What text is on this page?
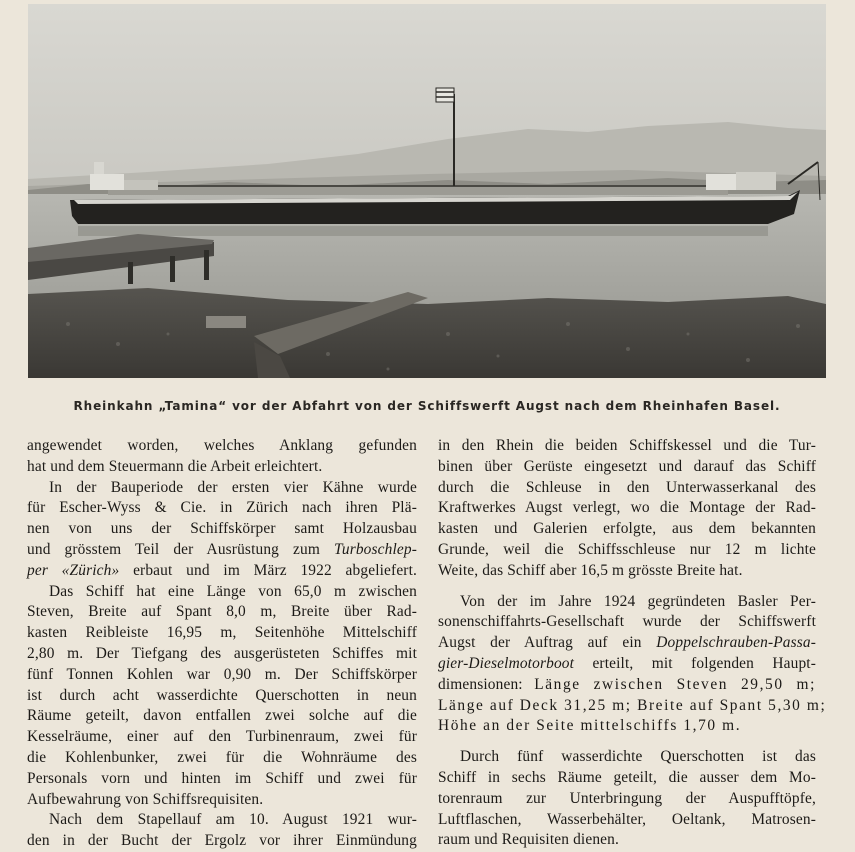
Rheinkahn „Tamina“ vor der Abfahrt von der Schiffswerft Augst nach dem Rheinhafen Basel.
angewendet worden, welches Anklang gefunden
hat und dem Steuermann die Arbeit erleichtert.
In der Bauperiode der ersten vier Kähne wurde
für Escher-Wyss & Cie. in Zürich nach ihren Plä-
nen von uns der Schiffskörper samt Holzausbau
und grösstem Teil der Ausrüstung zum Turboschlep-
per «Zürich» erbaut und im März 1922 abgeliefert.
Das Schiff hat eine Länge von 65,0 m zwischen
Steven, Breite auf Spant 8,0 m, Breite über Rad-
kasten Reibleiste 16,95 m, Seitenhöhe Mittelschiff
2,80 m. Der Tiefgang des ausgerüsteten Schiffes mit
fünf Tonnen Kohlen war 0,90 m. Der Schiffskörper
ist durch acht wasserdichte Querschotten in neun
Räume geteilt, davon entfallen zwei solche auf die
Kesselräume, einer auf den Turbinenraum, zwei für
die Kohlenbunker, zwei für die Wohnräume des
Personals vorn und hinten im Schiff und zwei für
Aufbewahrung von Schiffsrequisiten.
Nach dem Stapellauf am 10. August 1921 wur-
den in der Bucht der Ergolz vor ihrer Einmündung
in den Rhein die beiden Schiffskessel und die Tur-
binen über Gerüste eingesetzt und darauf das Schiff
durch die Schleuse in den Unterwasserkanal des
Kraftwerkes Augst verlegt, wo die Montage der Rad-
kasten und Galerien erfolgte, aus dem bekannten
Grunde, weil die Schiffsschleuse nur 12 m lichte
Weite, das Schiff aber 16,5 m grösste Breite hat.
Von der im Jahre 1924 gegründeten Basler Per-
sonenschiffahrts-Gesellschaft wurde der Schiffswerft
Augst der Auftrag auf ein Doppelschrauben-Passa-
gier-Dieselmotorboot erteilt, mit folgenden Haupt-
dimensionen: Länge zwischen Steven 29,50 m;
Länge auf Deck 31,25 m; Breite auf Spant 5,30 m;
Höhe an der Seite mittelschiffs 1,70 m.
Durch fünf wasserdichte Querschotten ist das
Schiff in sechs Räume geteilt, die ausser dem Mo-
torenraum zur Unterbringung der Auspufftöpfe,
Luftflaschen, Wasserbehälter, Oeltank, Matrosen-
raum und Requisiten dienen.
